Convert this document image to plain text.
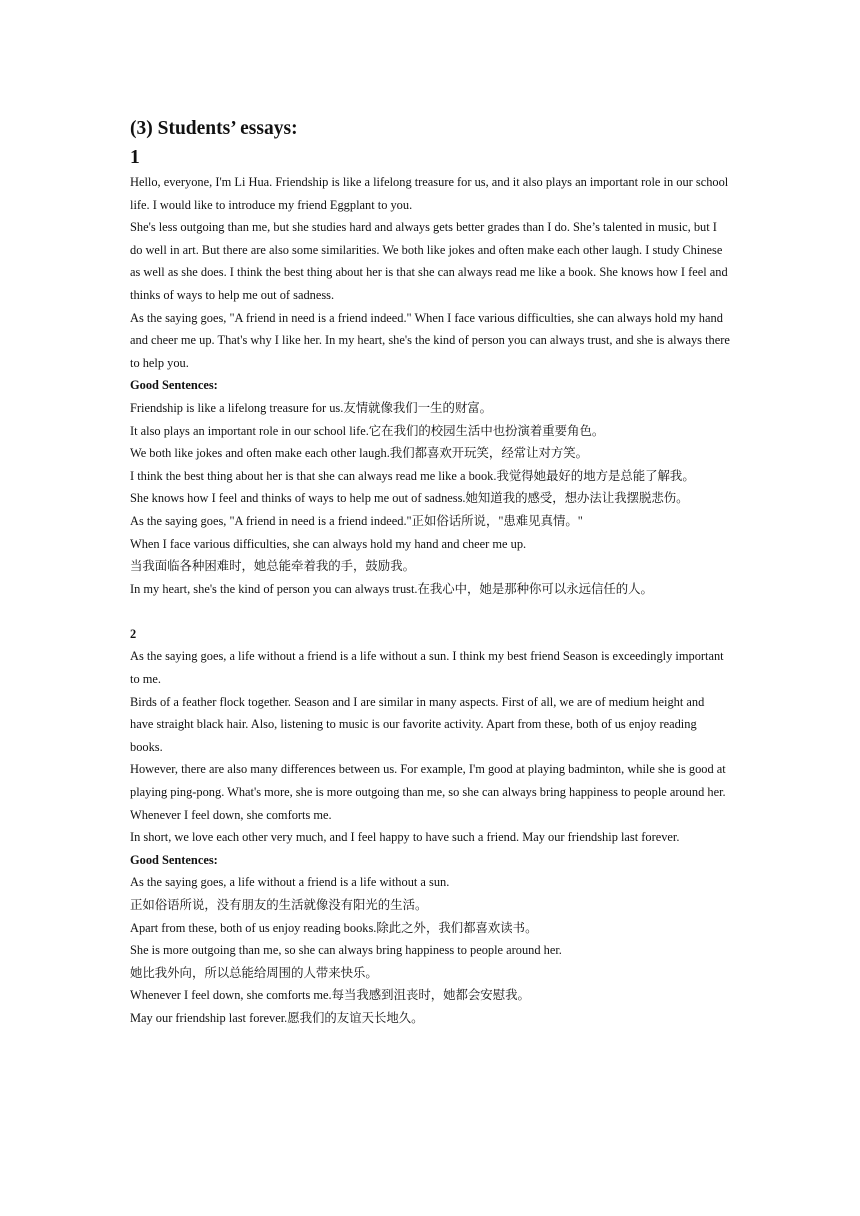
(3) Students’ essays:

1

Hello, everyone, I'm Li Hua. Friendship is like a lifelong treasure for us, and it also plays an important role in our school life. I would like to introduce my friend Eggplant to you.

She's less outgoing than me, but she studies hard and always gets better grades than I do. She’s talented in music, but I do well in art. But there are also some similarities. We both like jokes and often make each other laugh. I study Chinese as well as she does. I think the best thing about her is that she can always read me like a book. She knows how I feel and thinks of ways to help me out of sadness.

As the saying goes, "A friend in need is a friend indeed." When I face various difficulties, she can always hold my hand and cheer me up. That's why I like her. In my heart, she's the kind of person you can always trust, and she is always there to help you.

Good Sentences:

Friendship is like a lifelong treasure for us.友情就像我们一生的财富。

It also plays an important role in our school life.它在我们的校园生活中也扮演着重要角色。

We both like jokes and often make each other laugh.我们都喜欢开玩笑，经常让对方笑。

I think the best thing about her is that she can always read me like a book.我觉得她最好的地方是总能了解我。

She knows how I feel and thinks of ways to help me out of sadness.她知道我的感受，想办法让我摆脱悲伤。

As the saying goes, "A friend in need is a friend indeed."正如俗话所说，"患难见真情。"

When I face various difficulties, she can always hold my hand and cheer me up.

当我面临各种困难时，她总能牵着我的手，鼓励我。

In my heart, she's the kind of person you can always trust.在我心中，她是那种你可以永远信任的人。

2

As the saying goes, a life without a friend is a life without a sun. I think my best friend Season is exceedingly important to me.

Birds of a feather flock together. Season and I are similar in many aspects. First of all, we are of medium height and have straight black hair. Also, listening to music is our favorite activity. Apart from these, both of us enjoy reading books.

However, there are also many differences between us. For example, I'm good at playing badminton, while she is good at playing ping-pong. What's more, she is more outgoing than me, so she can always bring happiness to people around her. Whenever I feel down, she comforts me.

In short, we love each other very much, and I feel happy to have such a friend. May our friendship last forever.

Good Sentences:

As the saying goes, a life without a friend is a life without a sun.

正如俗语所说，没有朋友的生活就像没有阳光的生活。

Apart from these, both of us enjoy reading books.除此之外，我们都喜欢读书。

She is more outgoing than me, so she can always bring happiness to people around her.

她比我外向，所以总能给周围的人带来快乐。

Whenever I feel down, she comforts me.每当我感到沮丧时，她都会安慰我。

May our friendship last forever.愿我们的友谊天长地久。
